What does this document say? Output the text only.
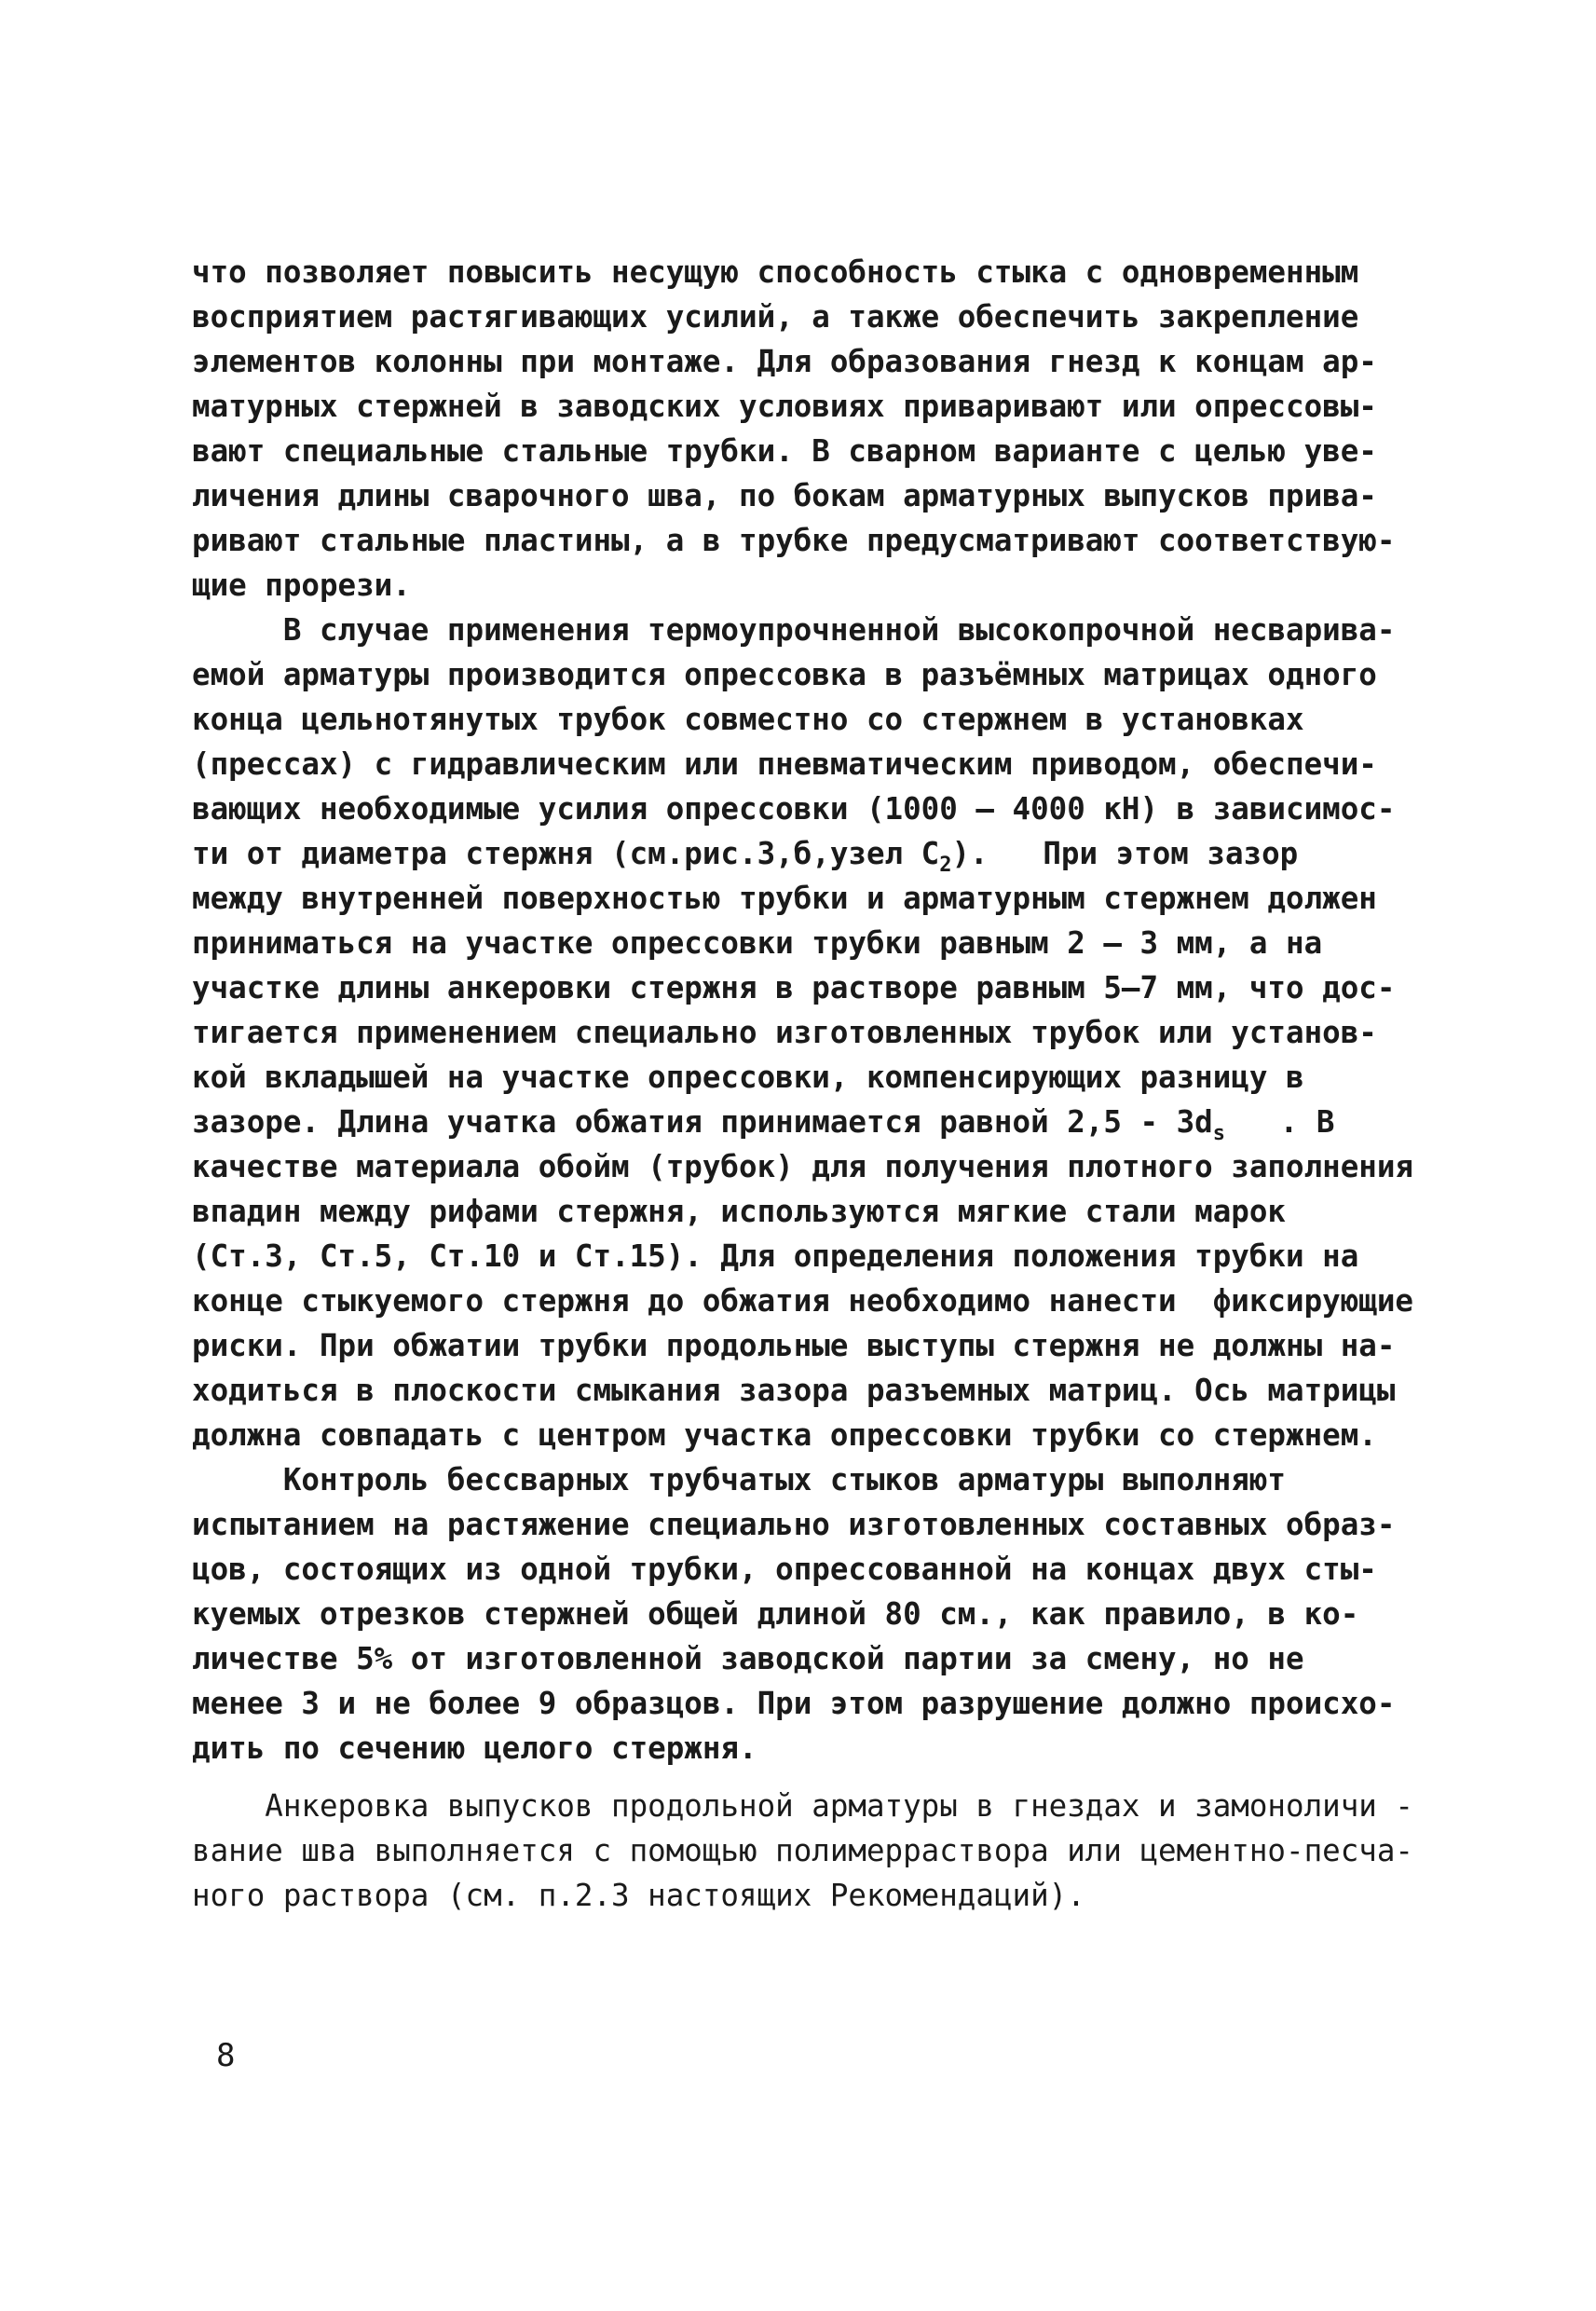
что позволяет повысить несущую способность стыка с одновременным
восприятием растягивающих усилий, а также обеспечить закрепление
элементов колонны при монтаже. Для образования гнезд к концам ар-
матурных стержней в заводских условиях приваривают или опрессовы-
вают специальные стальные трубки. В сварном варианте с целью уве-
личения длины сварочного шва, по бокам арматурных выпусков прива-
ривают стальные пластины, а в трубке предусматривают соответствую-
щие прорези.
В случае применения термоупрочненной высокопрочной несварива-
емой арматуры производится опрессовка в разъёмных матрицах одного
конца цельнотянутых трубок совместно со стержнем в установках
(прессах) с гидравлическим или пневматическим приводом, обеспечи-
вающих необходимые усилия опрессовки (1000 – 4000 кН) в зависимос-
ти от диаметра стержня (см.рис.3,б,узел $С_2$).   При этом зазор
между внутренней поверхностью трубки и арматурным стержнем должен
приниматься на участке опрессовки трубки равным 2 – 3 мм, а на
участке длины анкеровки стержня в растворе равным 5–7 мм, что дос-
тигается применением специально изготовленных трубок или установ-
кой вкладышей на участке опрессовки, компенсирующих разницу в
зазоре. Длина учатка обжатия принимается равной $2,5 - 3d_s$   . В
качестве материала обойм (трубок) для получения плотного заполнения
впадин между рифами стержня, используются мягкие стали марок
(Ст.3, Ст.5, Ст.10 и Ст.15). Для определения положения трубки на
конце стыкуемого стержня до обжатия необходимо нанести  фиксирующие
риски. При обжатии трубки продольные выступы стержня не должны на-
ходиться в плоскости смыкания зазора разъемных матриц. Ось матрицы
должна совпадать с центром участка опрессовки трубки со стержнем.
Контроль бессварных трубчатых стыков арматуры выполняют
испытанием на растяжение специально изготовленных составных образ-
цов, состоящих из одной трубки, опрессованной на концах двух сты-
куемых отрезков стержней общей длиной 80 см., как правило, в ко-
личестве 5% от изготовленной заводской партии за смену, но не
менее 3 и не более 9 образцов. При этом разрушение должно происхо-
дить по сечению целого стержня.
Анкеровка выпусков продольной арматуры в гнездах и замоноличи -
вание шва выполняется с помощью полимерраствора или цементно-песча-
ного раствора (см. п.2.3 настоящих Рекомендаций).
8
